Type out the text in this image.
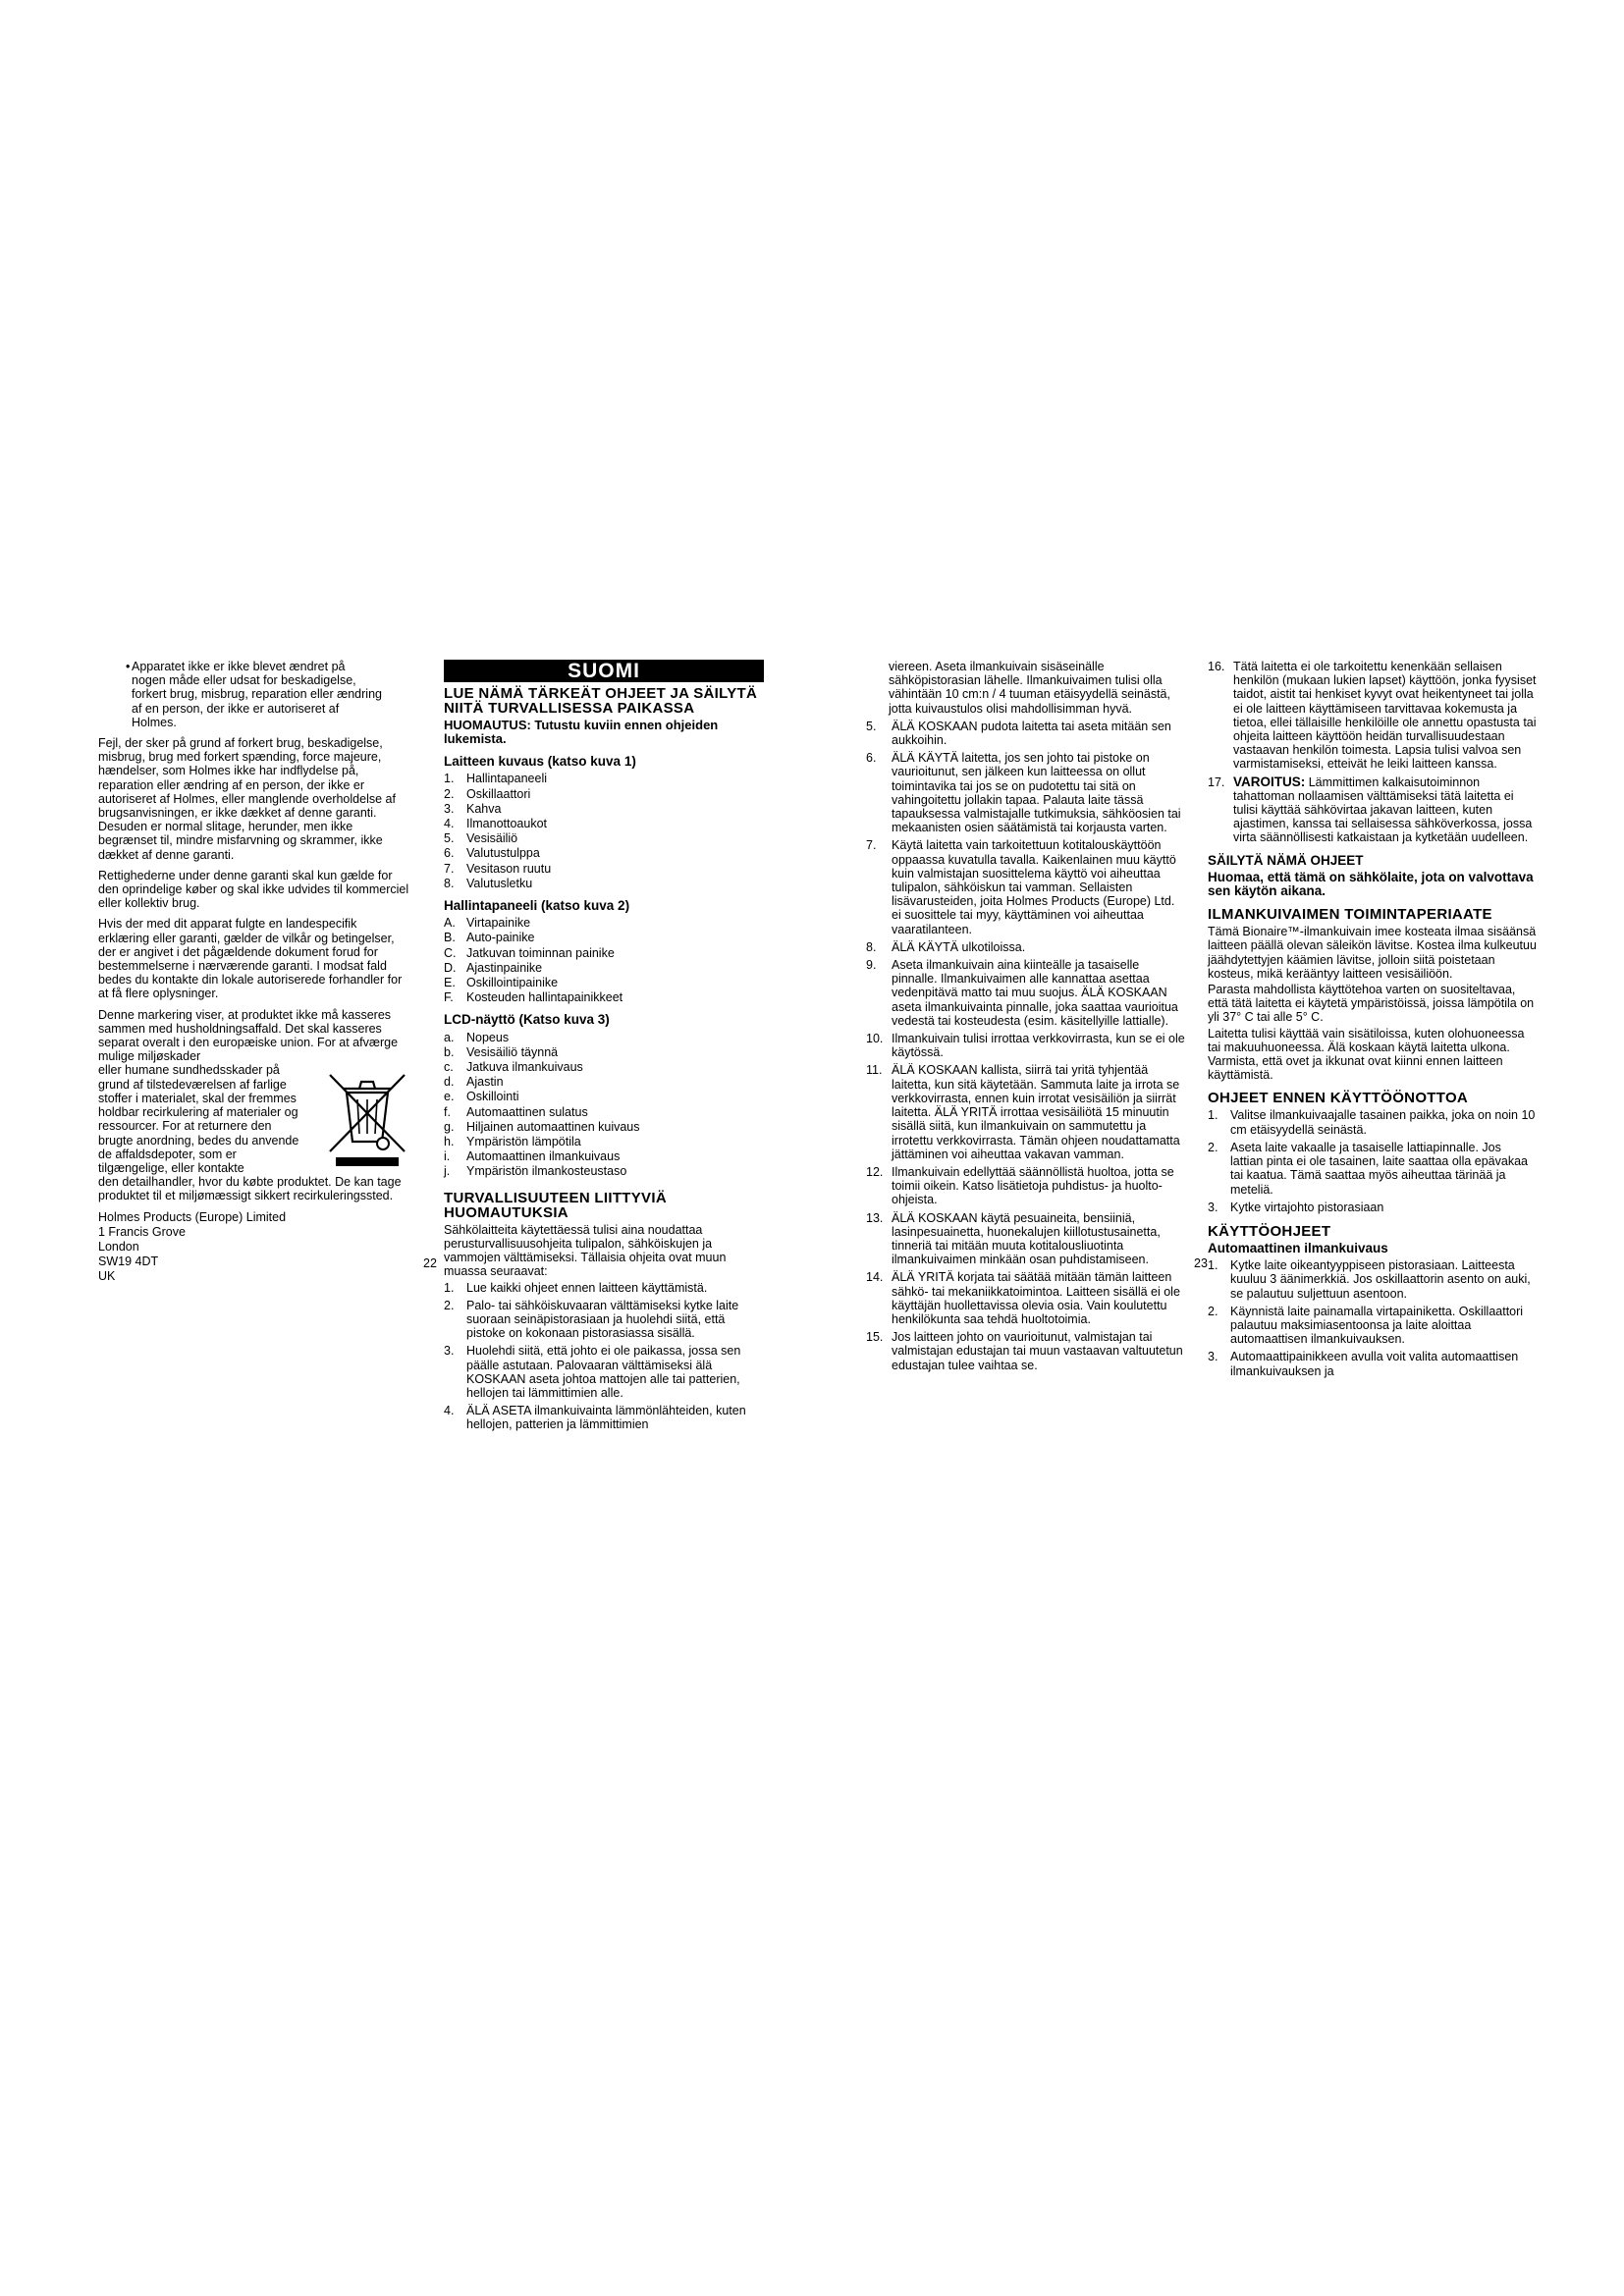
• Apparatet ikke er ikke blevet ændret på nogen måde eller udsat for beskadigelse, forkert brug, misbrug, reparation eller ændring af en person, der ikke er autoriseret af Holmes.

Fejl, der sker på grund af forkert brug, beskadigelse, misbrug, brug med forkert spænding, force majeure, hændelser, som Holmes ikke har indflydelse på, reparation eller ændring af en person, der ikke er autoriseret af Holmes, eller manglende overholdelse af brugsanvisningen, er ikke dækket af denne garanti. Desuden er normal slitage, herunder, men ikke begrænset til, mindre misfarvning og skrammer, ikke dækket af denne garanti.

Rettighederne under denne garanti skal kun gælde for den oprindelige køber og skal ikke udvides til kommerciel eller kollektiv brug.

Hvis der med dit apparat fulgte en landespecifik erklæring eller garanti, gælder de vilkår og betingelser, der er angivet i det pågældende dokument forud for bestemmelserne i nærværende garanti. I modsat fald bedes du kontakte din lokale autoriserede forhandler for at få flere oplysninger.

Denne markering viser, at produktet ikke må kasseres sammen med husholdningsaffald. Det skal kasseres separat overalt i den europæiske union. For at afværge mulige miljøskader

eller humane sundhedsskader på grund af tilstedeværelsen af farlige stoffer i materialet, skal der fremmes holdbar recirkulering af materialer og ressourcer. For at returnere den brugte anordning, bedes du anvende de affaldsdepoter, som er tilgængelige, eller kontakte

den detailhandler, hvor du købte produktet. De kan tage produktet til et miljømæssigt sikkert recirkuleringssted.

Holmes Products (Europe) Limited
1 Francis Grove
London
SW19 4DT
UK
SUOMI
LUE NÄMÄ TÄRKEÄT OHJEET JA SÄILYTÄ NIITÄ TURVALLISESSA PAIKASSA
HUOMAUTUS: Tutustu kuviin ennen ohjeiden lukemista.
Laitteen kuvaus (katso kuva 1)
1.	Hallintapaneeli
2.	Oskillaattori
3.	Kahva
4.	Ilmanottoaukot
5.	Vesisäiliö
6.	Valutustulppa
7.	Vesitason ruutu
8.	Valutusletku
Hallintapaneeli (katso kuva 2)
A. Virtapainike
B. Auto-painike
C. Jatkuvan toiminnan painike
D. Ajastinpainike
E. Oskillointipainike
F.	Kosteuden hallintapainikkeet
LCD-näyttö (Katso kuva 3)
a.	Nopeus
b.	Vesisäiliö täynnä
c.	Jatkuva ilmankuivaus
d.	Ajastin
e.	Oskillointi
f.	Automaattinen sulatus
g.	Hiljainen automaattinen kuivaus
h.	Ympäristön lämpötila
i.	Automaattinen ilmankuivaus
j.	Ympäristön ilmankosteustaso
TURVALLISUUTEEN LIITTYVIÄ HUOMAUTUKSIA

Sähkölaitteita käytettäessä tulisi aina noudattaa perusturvallisuusohjeita tulipalon, sähköiskujen ja vammojen välttämiseksi. Tällaisia ohjeita ovat muun muassa seuraavat:

1.	Lue kaikki ohjeet ennen laitteen käyttämistä.
2.	Palo- tai sähköiskuvaaran välttämiseksi kytke laite suoraan seinäpistorasiaan ja huolehdi siitä, että pistoke on kokonaan pistorasiassa sisällä.
3.	Huolehdi siitä, että johto ei ole paikassa, jossa sen päälle astutaan. Palovaaran välttämiseksi älä KOSKAAN aseta johtoa mattojen alle tai patterien, hellojen tai lämmittimien alle.
4.	ÄLÄ ASETA ilmankuivainta lämmönlähteiden, kuten hellojen, patterien ja lämmittimien

viereen. Aseta ilmankuivain sisäseinälle sähköpistorasian lähelle. Ilmankuivaimen tulisi olla vähintään 10 cm:n / 4 tuuman etäisyydellä seinästä, jotta kuivaustulos olisi mahdollisimman hyvä.

5.	ÄLÄ KOSKAAN pudota laitetta tai aseta mitään sen aukkoihin.
6.	ÄLÄ KÄYTÄ laitetta, jos sen johto tai pistoke on vaurioitunut, sen jälkeen kun laitteessa on ollut toimintavika tai jos se on pudotettu tai sitä on vahingoitettu jollakin tapaa. Palauta laite tässä tapauksessa valmistajalle tutkimuksia, sähköosien tai mekaanisten osien säätämistä tai korjausta varten.
7.	Käytä laitetta vain tarkoitettuun kotitalouskäyttöön oppaassa kuvatulla tavalla. Kaikenlainen muu käyttö kuin valmistajan suosittelema käyttö voi aiheuttaa tulipalon, sähköiskun tai vamman. Sellaisten lisävarusteiden, joita Holmes Products (Europe) Ltd. ei suosittele tai myy, käyttäminen voi aiheuttaa vaaratilanteen.
8.	ÄLÄ KÄYTÄ ulkotiloissa.
9.	Aseta ilmankuivain aina kiinteälle ja tasaiselle pinnalle. Ilmankuivaimen alle kannattaa asettaa vedenpitävä matto tai muu suojus. ÄLÄ KOSKAAN aseta ilmankuivainta pinnalle, joka saattaa vaurioitua vedestä tai kosteudesta (esim. käsitellyille lattialle).
10. Ilmankuivain tulisi irrottaa verkkovirrasta, kun se ei ole käytössä.
11. ÄLÄ KOSKAAN kallista, siirrä tai yritä tyhjentää laitetta, kun sitä käytetään. Sammuta laite ja irrota se verkkovirrasta, ennen kuin irrotat vesisäiliön ja siirrät laitetta. ÄLÄ YRITÄ irrottaa vesisäiliötä 15 minuutin sisällä siitä, kun ilmankuivain on sammutettu ja irrotettu verkkovirrasta. Tämän ohjeen noudattamatta jättäminen voi aiheuttaa vakavan vamman.
12. Ilmankuivain edellyttää säännöllistä huoltoa, jotta se toimii oikein. Katso lisätietoja puhdistus- ja huolto-ohjeista.
13. ÄLÄ KOSKAAN käytä pesuaineita, bensiiniä, lasinpesuainetta, huonekalujen kiillotustusainetta, tinneriä tai mitään muuta kotitalousliuotinta ilmankuivaimen minkään osan puhdistamiseen.
14. ÄLÄ YRITÄ korjata tai säätää mitään tämän laitteen sähkö- tai mekaniikkatoimintoa. Laitteen sisällä ei ole käyttäjän huollettavissa olevia osia. Vain koulutettu henkilökunta saa tehdä huoltotoimia.
15. Jos laitteen johto on vaurioitunut, valmistajan tai valmistajan edustajan tai muun vastaavan valtuutetun edustajan tulee vaihtaa se.
16. Tätä laitetta ei ole tarkoitettu kenenkään sellaisen henkilön (mukaan lukien lapset) käyttöön, jonka fyysiset taidot, aistit tai henkiset kyvyt ovat heikentyneet tai jolla ei ole laitteen käyttämiseen tarvittavaa kokemusta ja tietoa, ellei tällaisille henkilöille ole annettu opastusta tai ohjeita laitteen käyttöön heidän turvallisuudestaan vastaavan henkilön toimesta. Lapsia tulisi valvoa sen varmistamiseksi, etteivät he leiki laitteen kanssa.
17. VAROITUS: Lämmittimen kalkaisutoiminnon tahattoman nollaamisen välttämiseksi tätä laitetta ei tulisi käyttää sähkövirtaa jakavan laitteen, kuten ajastimen, kanssa tai sellaisessa sähköverkossa, jossa virta säännöllisesti katkaistaan ja kytketään uudelleen.
SÄILYTÄ NÄMÄ OHJEET
Huomaa, että tämä on sähkölaite, jota on valvottava sen käytön aikana.
ILMANKUIVAIMEN TOIMINTAPERIAATE

Tämä Bionaire™-ilmankuivain imee kosteata ilmaa sisäänsä laitteen päällä olevan säleikön lävitse. Kostea ilma kulkeutuu jäähdytettyjen käämien lävitse, jolloin siitä poistetaan kosteus, mikä kerääntyy laitteen vesisäiliöön.

Parasta mahdollista käyttötehoa varten on suositeltavaa, että tätä laitetta ei käytetä ympäristöissä, joissa lämpötila on yli 37° C tai alle 5° C.

Laitetta tulisi käyttää vain sisätiloissa, kuten olohuoneessa tai makuuhuoneessa. Älä koskaan käytä laitetta ulkona. Varmista, että ovet ja ikkunat ovat kiinni ennen laitteen käyttämistä.

OHJEET ENNEN KÄYTTÖÖNOTTOA
1.	Valitse ilmankuivaajalle tasainen paikka, joka on noin 10 cm etäisyydellä seinästä.
2.	Aseta laite vakaalle ja tasaiselle lattiapinnalle. Jos lattian pinta ei ole tasainen, laite saattaa olla epävakaa tai kaatua. Tämä saattaa myös aiheuttaa tärinää ja meteliä.
3.	Kytke virtajohto pistorasiaan
KÄYTTÖOHJEET
Automaattinen ilmankuivaus
1.	Kytke laite oikeantyyppiseen pistorasiaan. Laitteesta kuuluu 3 äänimerkkiä. Jos oskillaattorin asento on auki, se palautuu suljettuun asentoon.
2.	Käynnistä laite painamalla virtapainiketta. Oskillaattori palautuu maksimiasentoonsa ja laite aloittaa automaattisen ilmankuivauksen.
3.	Automaattipainikkeen avulla voit valita automaattisen ilmankuivauksen ja
22	23
